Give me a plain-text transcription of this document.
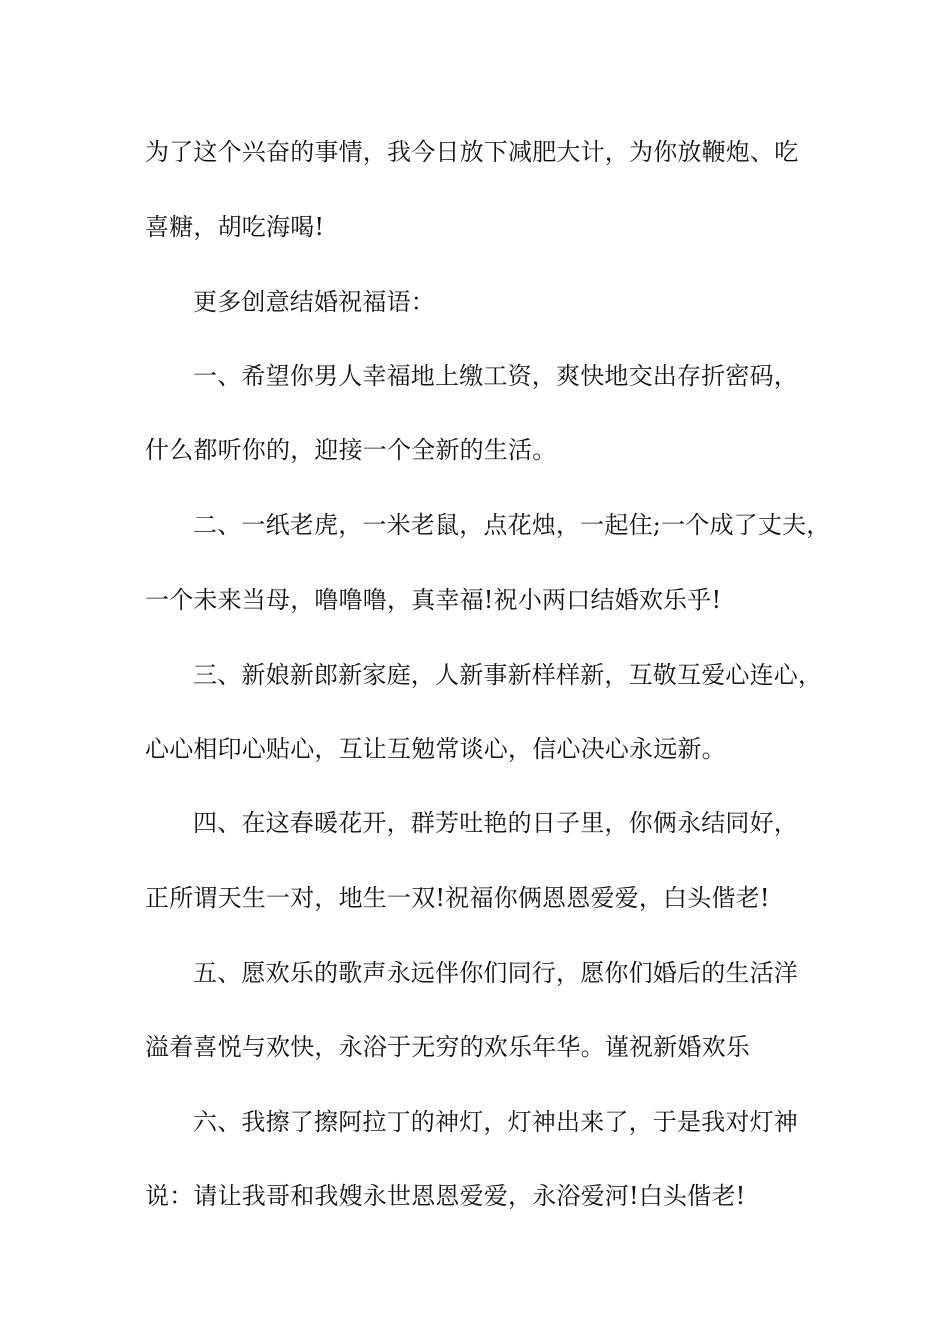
为了这个兴奋的事情，我今日放下减肥大计，为你放鞭炮、吃
喜糖，胡吃海喝!
更多创意结婚祝福语：
一、希望你男人幸福地上缴工资，爽快地交出存折密码，
什么都听你的，迎接一个全新的生活。
二、一纸老虎，一米老鼠，点花烛，一起住;一个成了丈夫，
一个未来当母，噜噜噜，真幸福!祝小两口结婚欢乐乎!
三、新娘新郎新家庭，人新事新样样新，互敬互爱心连心，
心心相印心贴心，互让互勉常谈心，信心决心永远新。
四、在这春暖花开，群芳吐艳的日子里，你俩永结同好，
正所谓天生一对，地生一双!祝福你俩恩恩爱爱，白头偕老!
五、愿欢乐的歌声永远伴你们同行，愿你们婚后的生活洋
溢着喜悦与欢快，永浴于无穷的欢乐年华。谨祝新婚欢乐
六、我擦了擦阿拉丁的神灯，灯神出来了，于是我对灯神
说：请让我哥和我嫂永世恩恩爱爱，永浴爱河!白头偕老!
